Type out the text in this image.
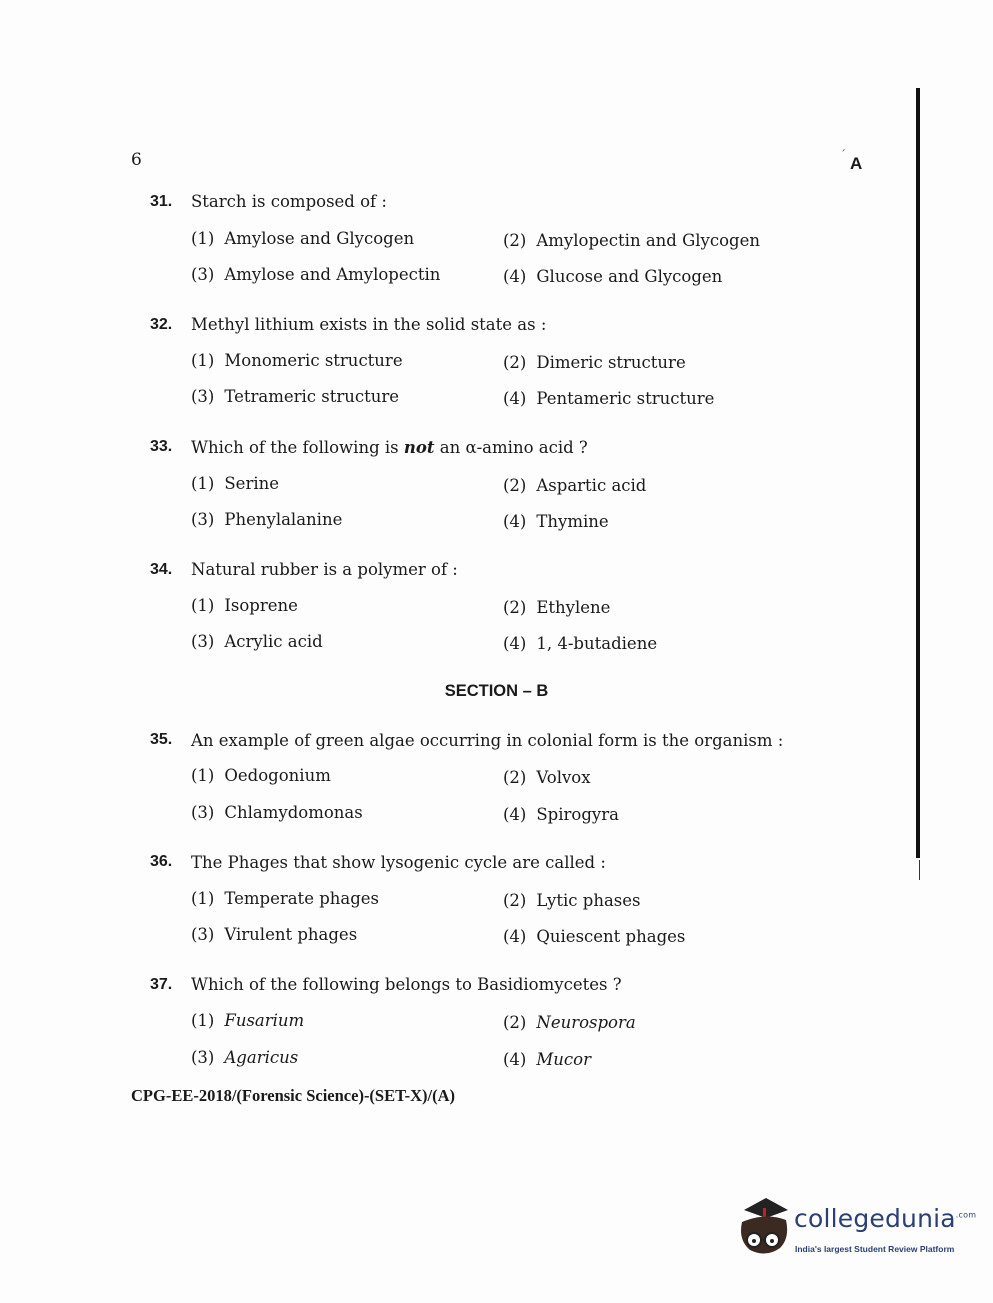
6	ˊ A
31. Starch is composed of :
(1) Amylose and Glycogen	(2) Amylopectin and Glycogen
(3) Amylose and Amylopectin	(4) Glucose and Glycogen
32. Methyl lithium exists in the solid state as :
(1) Monomeric structure	(2) Dimeric structure
(3) Tetrameric structure	(4) Pentameric structure
33. Which of the following is not an α-amino acid ?
(1) Serine	(2) Aspartic acid
(3) Phenylalanine	(4) Thymine
34. Natural rubber is a polymer of :
(1) Isoprene	(2) Ethylene
(3) Acrylic acid	(4) 1, 4-butadiene
SECTION – B
35. An example of green algae occurring in colonial form is the organism :
(1) Oedogonium	(2) Volvox
(3) Chlamydomonas	(4) Spirogyra
36. The Phages that show lysogenic cycle are called :
(1) Temperate phages	(2) Lytic phases
(3) Virulent phages	(4) Quiescent phages
37. Which of the following belongs to Basidiomycetes ?
(1) Fusarium	(2) Neurospora
(3) Agaricus	(4) Mucor
CPG-EE-2018/(Forensic Science)-(SET-X)/(A)
collegedunia$^{.com}$
India's largest Student Review Platform
